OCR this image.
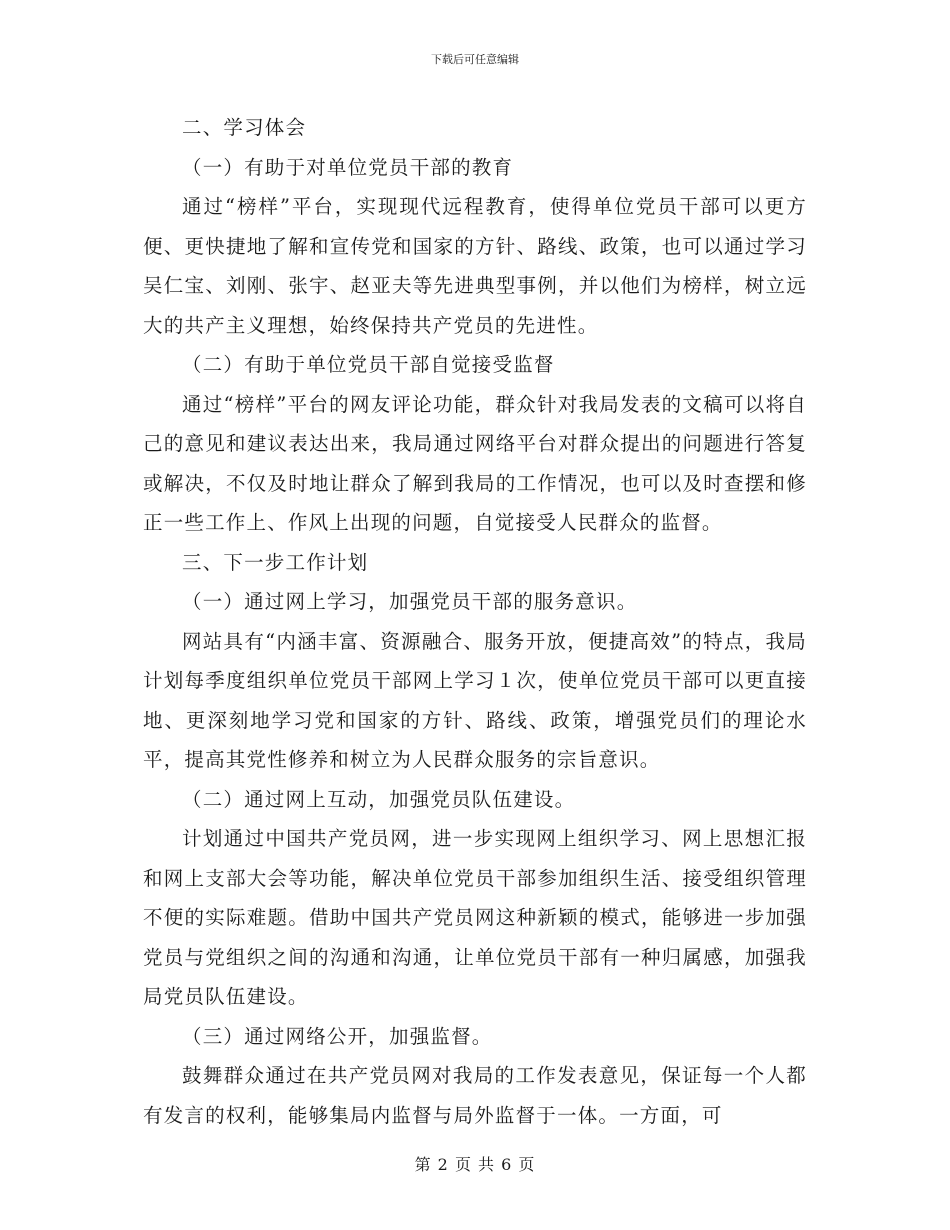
下载后可任意编辑

二、学习体会

（一）有助于对单位党员干部的教育

通过“榜样”平台，实现现代远程教育，使得单位党员干部可以更方便、更快捷地了解和宣传党和国家的方针、路线、政策，也可以通过学习吴仁宝、刘刚、张宇、赵亚夫等先进典型事例，并以他们为榜样，树立远大的共产主义理想，始终保持共产党员的先进性。

（二）有助于单位党员干部自觉接受监督

通过“榜样”平台的网友评论功能，群众针对我局发表的文稿可以将自己的意见和建议表达出来，我局通过网络平台对群众提出的问题进行答复或解决，不仅及时地让群众了解到我局的工作情况，也可以及时查摆和修正一些工作上、作风上出现的问题，自觉接受人民群众的监督。

三、下一步工作计划

（一）通过网上学习，加强党员干部的服务意识。

网站具有“内涵丰富、资源融合、服务开放，便捷高效”的特点，我局计划每季度组织单位党员干部网上学习１次，使单位党员干部可以更直接地、更深刻地学习党和国家的方针、路线、政策，增强党员们的理论水平，提高其党性修养和树立为人民群众服务的宗旨意识。

（二）通过网上互动，加强党员队伍建设。

计划通过中国共产党员网，进一步实现网上组织学习、网上思想汇报和网上支部大会等功能，解决单位党员干部参加组织生活、接受组织管理不便的实际难题。借助中国共产党员网这种新颖的模式，能够进一步加强党员与党组织之间的沟通和沟通，让单位党员干部有一种归属感，加强我局党员队伍建设。

（三）通过网络公开，加强监督。

鼓舞群众通过在共产党员网对我局的工作发表意见，保证每一个人都有发言的权利，能够集局内监督与局外监督于一体。一方面，可

第 2 页 共 6 页
